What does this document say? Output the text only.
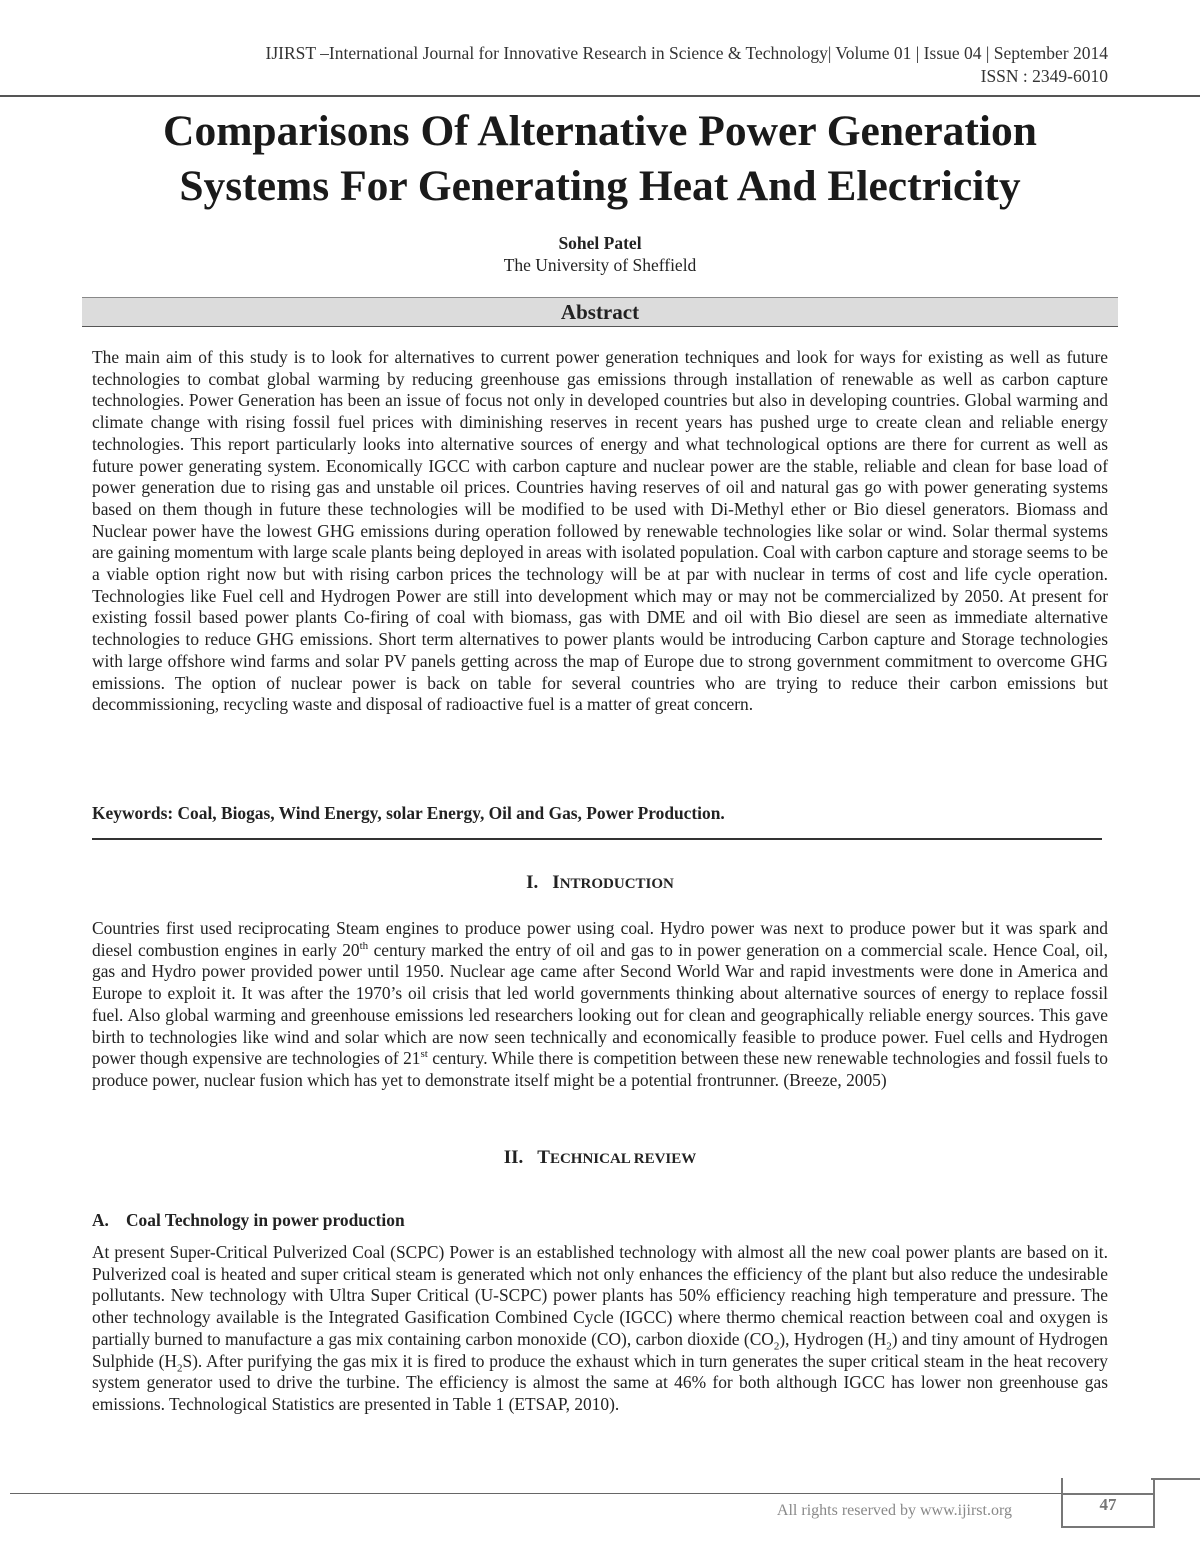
IJIRST –International Journal for Innovative Research in Science & Technology| Volume 01 | Issue 04 | September 2014
ISSN : 2349-6010
Comparisons Of Alternative Power Generation
Systems For Generating Heat And Electricity
Sohel Patel
The University of Sheffield
Abstract

The main aim of this study is to look for alternatives to current power generation techniques and look for ways for existing as well as future technologies to combat global warming by reducing greenhouse gas emissions through installation of renewable as well as carbon capture technologies. Power Generation has been an issue of focus not only in developed countries but also in developing countries. Global warming and climate change with rising fossil fuel prices with diminishing reserves in recent years has pushed urge to create clean and reliable energy technologies. This report particularly looks into alternative sources of energy and what technological options are there for current as well as future power generating system. Economically IGCC with carbon capture and nuclear power are the stable, reliable and clean for base load of power generation due to rising gas and unstable oil prices. Countries having reserves of oil and natural gas go with power generating systems based on them though in future these technologies will be modified to be used with Di-Methyl ether or Bio diesel generators. Biomass and Nuclear power have the lowest GHG emissions during operation followed by renewable technologies like solar or wind. Solar thermal systems are gaining momentum with large scale plants being deployed in areas with isolated population. Coal with carbon capture and storage seems to be a viable option right now but with rising carbon prices the technology will be at par with nuclear in terms of cost and life cycle operation. Technologies like Fuel cell and Hydrogen Power are still into development which may or may not be commercialized by 2050. At present for existing fossil based power plants Co-firing of coal with biomass, gas with DME and oil with Bio diesel are seen as immediate alternative technologies to reduce GHG emissions. Short term alternatives to power plants would be introducing Carbon capture and Storage technologies with large offshore wind farms and solar PV panels getting across the map of Europe due to strong government commitment to overcome GHG emissions. The option of nuclear power is back on table for several countries who are trying to reduce their carbon emissions but decommissioning, recycling waste and disposal of radioactive fuel is a matter of great concern.

Keywords: Coal, Biogas, Wind Energy, solar Energy, Oil and Gas, Power Production.
I. INTRODUCTION

Countries first used reciprocating Steam engines to produce power using coal. Hydro power was next to produce power but it was spark and diesel combustion engines in early 20th century marked the entry of oil and gas to in power generation on a commercial scale. Hence Coal, oil, gas and Hydro power provided power until 1950. Nuclear age came after Second World War and rapid investments were done in America and Europe to exploit it. It was after the 1970’s oil crisis that led world governments thinking about alternative sources of energy to replace fossil fuel. Also global warming and greenhouse emissions led researchers looking out for clean and geographically reliable energy sources. This gave birth to technologies like wind and solar which are now seen technically and economically feasible to produce power. Fuel cells and Hydrogen power though expensive are technologies of 21st century. While there is competition between these new renewable technologies and fossil fuels to produce power, nuclear fusion which has yet to demonstrate itself might be a potential frontrunner. (Breeze, 2005)

II. TECHNICAL REVIEW
A. Coal Technology in power production

At present Super-Critical Pulverized Coal (SCPC) Power is an established technology with almost all the new coal power plants are based on it. Pulverized coal is heated and super critical steam is generated which not only enhances the efficiency of the plant but also reduce the undesirable pollutants. New technology with Ultra Super Critical (U-SCPC) power plants has 50% efficiency reaching high temperature and pressure. The other technology available is the Integrated Gasification Combined Cycle (IGCC) where thermo chemical reaction between coal and oxygen is partially burned to manufacture a gas mix containing carbon monoxide (CO), carbon dioxide $(CO_2)$, Hydrogen $(H_2)$ and tiny amount of Hydrogen Sulphide $(H_2S)$. After purifying the gas mix it is fired to produce the exhaust which in turn generates the super critical steam in the heat recovery system generator used to drive the turbine. The efficiency is almost the same at 46% for both although IGCC has lower non greenhouse gas emissions. Technological Statistics are presented in Table 1 (ETSAP, 2010).

All rights reserved by www.ijirst.org	47
